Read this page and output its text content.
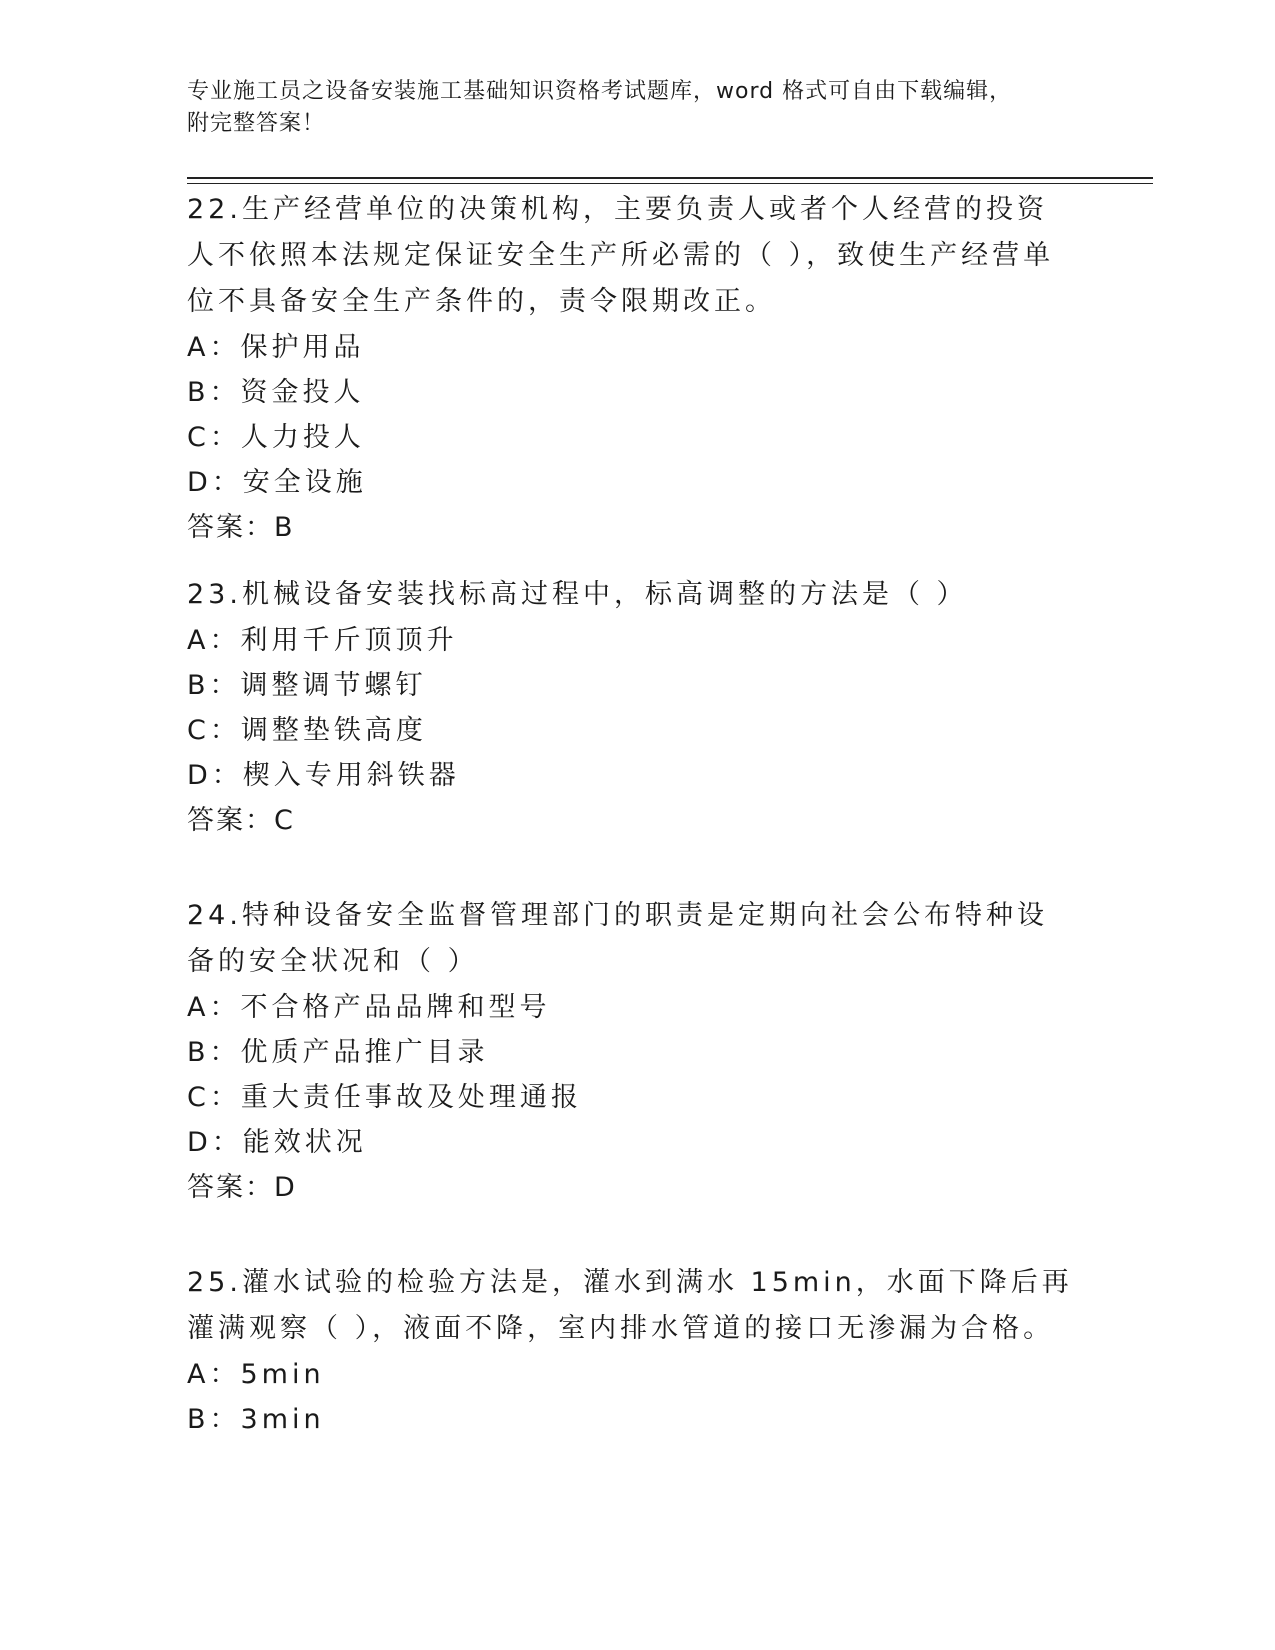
专业施工员之设备安装施工基础知识资格考试题库，word 格式可自由下载编辑，
附完整答案！

22.生产经营单位的决策机构，主要负责人或者个人经营的投资人不依照本法规定保证安全生产所必需的（ ），致使生产经营单位不具备安全生产条件的，责令限期改正。

A：保护用品

B：资金投人

C：人力投人

D：安全设施

答案：B

23.机械设备安装找标高过程中，标高调整的方法是（ ）

A：利用千斤顶顶升

B：调整调节螺钉

C：调整垫铁高度

D：楔入专用斜铁器

答案：C

24.特种设备安全监督管理部门的职责是定期向社会公布特种设备的安全状况和（ ）

A：不合格产品品牌和型号

B：优质产品推广目录

C：重大责任事故及处理通报

D：能效状况

答案：D

25.灌水试验的检验方法是，灌水到满水 15min，水面下降后再灌满观察（ ），液面不降，室内排水管道的接口无渗漏为合格。

A：5min

B：3min
